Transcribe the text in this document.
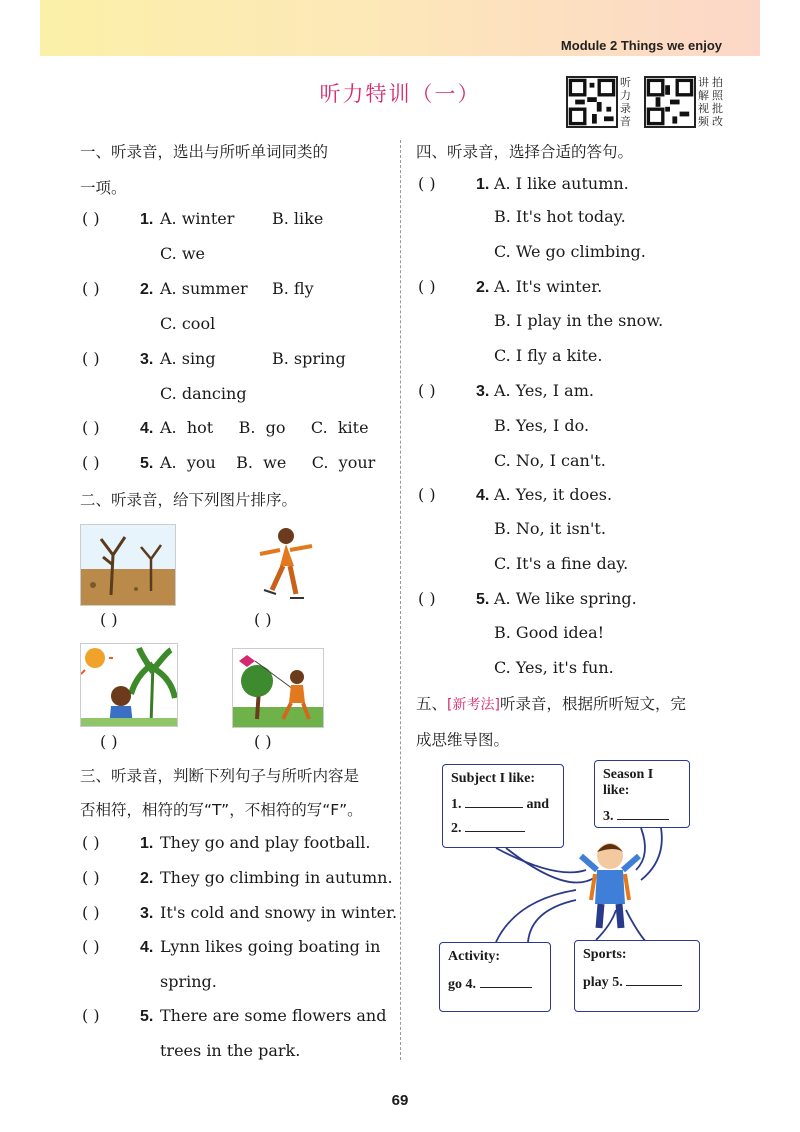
Module 2 Things we enjoy
听力特训（一）	听
力
录
音
讲
解
视
频
拍
照
批
改
一、听录音，选出与所听单词同类的
一项。
( )	1. A. winter B. like
C. we
( )	2. A. summer B. fly
C. cool
( )	3. A. sing	B. spring
C. dancing
( )	4. A.  hot     B.  go     C.  kite
( )	5. A.  you    B.  we     C.  your
二、听录音，给下列图片排序。
( )	( )
( )	( )
三、听录音，判断下列句子与所听内容是
否相符，相符的写“T”，不相符的写“F”。
( )	1. They go and play football.
( )	2. They go climbing in autumn.
( )	3. It's cold and snowy in winter.
( )	4. Lynn likes going boating in
spring.
( )	5. There are some flowers and
trees in the park.
四、听录音，选择合适的答句。
( )	1. A. I like autumn.
B. It's hot today.
C. We go climbing.
( )	2. A. It's winter.
B. I play in the snow.
C. I fly a kite.
( )	3. A. Yes, I am.
B. Yes, I do.
C. No, I can't.
( )	4. A. Yes, it does.
B. No, it isn't.
C. It's a fine day.
( )	5. A. We like spring.
B. Good idea!
C. Yes, it's fun.
五、[新考法]听录音，根据所听短文，完
成思维导图。
Subject I like:
1.	and
2.
Season I like:
3.
Activity:
go 4.
Sports:
play 5.
69
